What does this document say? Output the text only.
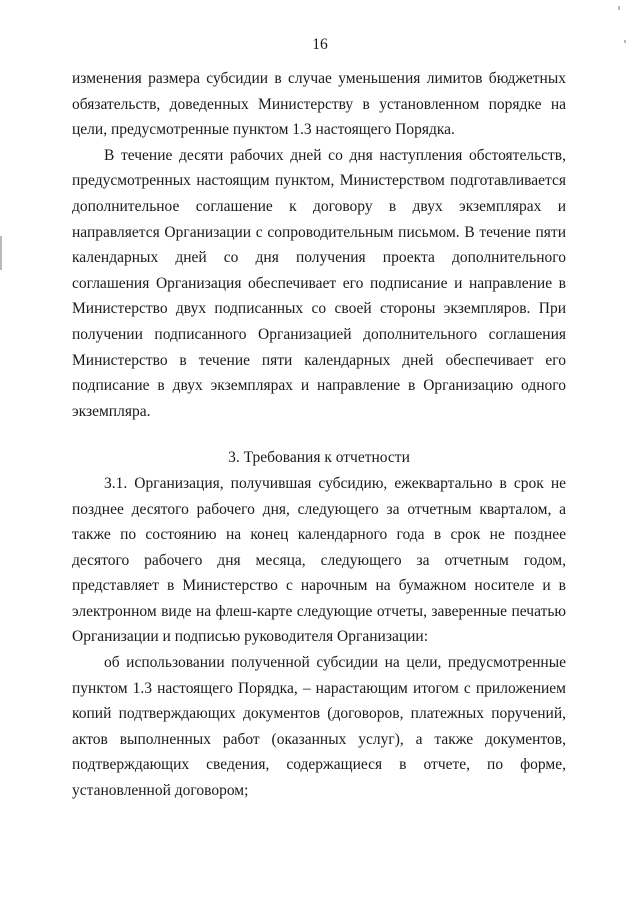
16

изменения размера субсидии в случае уменьшения лимитов бюджетных обязательств, доведенных Министерству в установленном порядке на цели, предусмотренные пунктом 1.3 настоящего Порядка.

В течение десяти рабочих дней со дня наступления обстоятельств, предусмотренных настоящим пунктом, Министерством подготавливается дополнительное соглашение к договору в двух экземплярах и направляется Организации с сопроводительным письмом. В течение пяти календарных дней со дня получения проекта дополнительного соглашения Организация обеспечивает его подписание и направление в Министерство двух подписанных со своей стороны экземпляров. При получении подписанного Организацией дополнительного соглашения Министерство в течение пяти календарных дней обеспечивает его подписание в двух экземплярах и направление в Организацию одного экземпляра.

3. Требования к отчетности

3.1. Организация, получившая субсидию, ежеквартально в срок не позднее десятого рабочего дня, следующего за отчетным кварталом, а также по состоянию на конец календарного года в срок не позднее десятого рабочего дня месяца, следующего за отчетным годом, представляет в Министерство с нарочным на бумажном носителе и в электронном виде на флеш-карте следующие отчеты, заверенные печатью Организации и подписью руководителя Организации:

об использовании полученной субсидии на цели, предусмотренные пунктом 1.3 настоящего Порядка, – нарастающим итогом с приложением копий подтверждающих документов (договоров, платежных поручений, актов выполненных работ (оказанных услуг), а также документов, подтверждающих сведения, содержащиеся в отчете, по форме, установленной договором;
